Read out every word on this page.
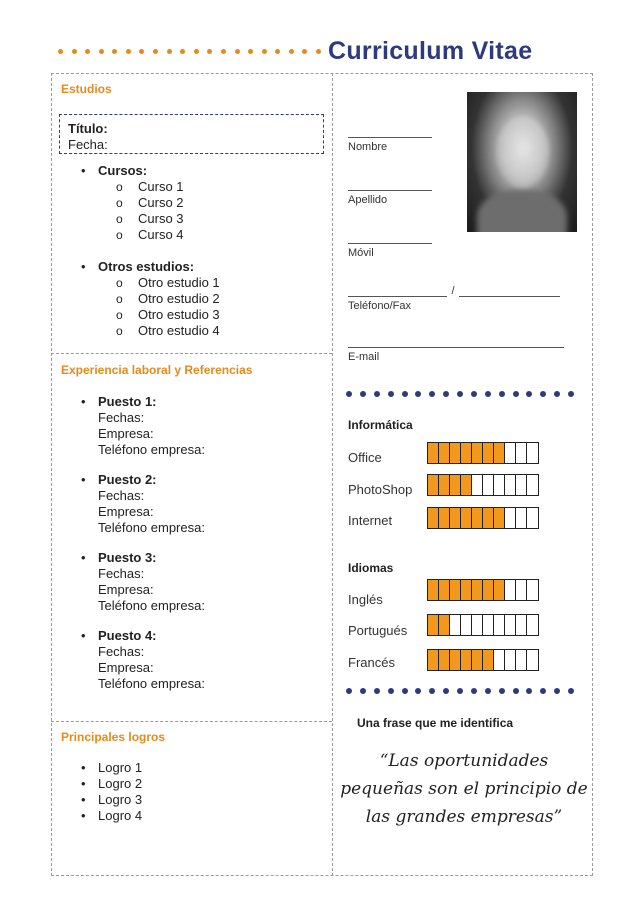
Curriculum Vitae
Estudios
Título:
Fecha:
• Cursos:
o Curso 1
o Curso 2
o Curso 3
o Curso 4
• Otros estudios:
o Otro estudio 1
o Otro estudio 2
o Otro estudio 3
o Otro estudio 4
Experiencia laboral y Referencias
• Puesto 1:
Fechas:
Empresa:
Teléfono empresa:
• Puesto 2:
Fechas:
Empresa:
Teléfono empresa:
• Puesto 3:
Fechas:
Empresa:
Teléfono empresa:
• Puesto 4:
Fechas:
Empresa:
Teléfono empresa:
Principales logros
• Logro 1
• Logro 2
• Logro 3
• Logro 4
Nombre
Apellido
Móvil
/
Teléfono/Fax
E-mail
Informática
Office
PhotoShop
Internet
Idiomas
Inglés
Portugués
Francés
Una frase que me identifica
“Las oportunidades pequeñas son el principio de las grandes empresas”
